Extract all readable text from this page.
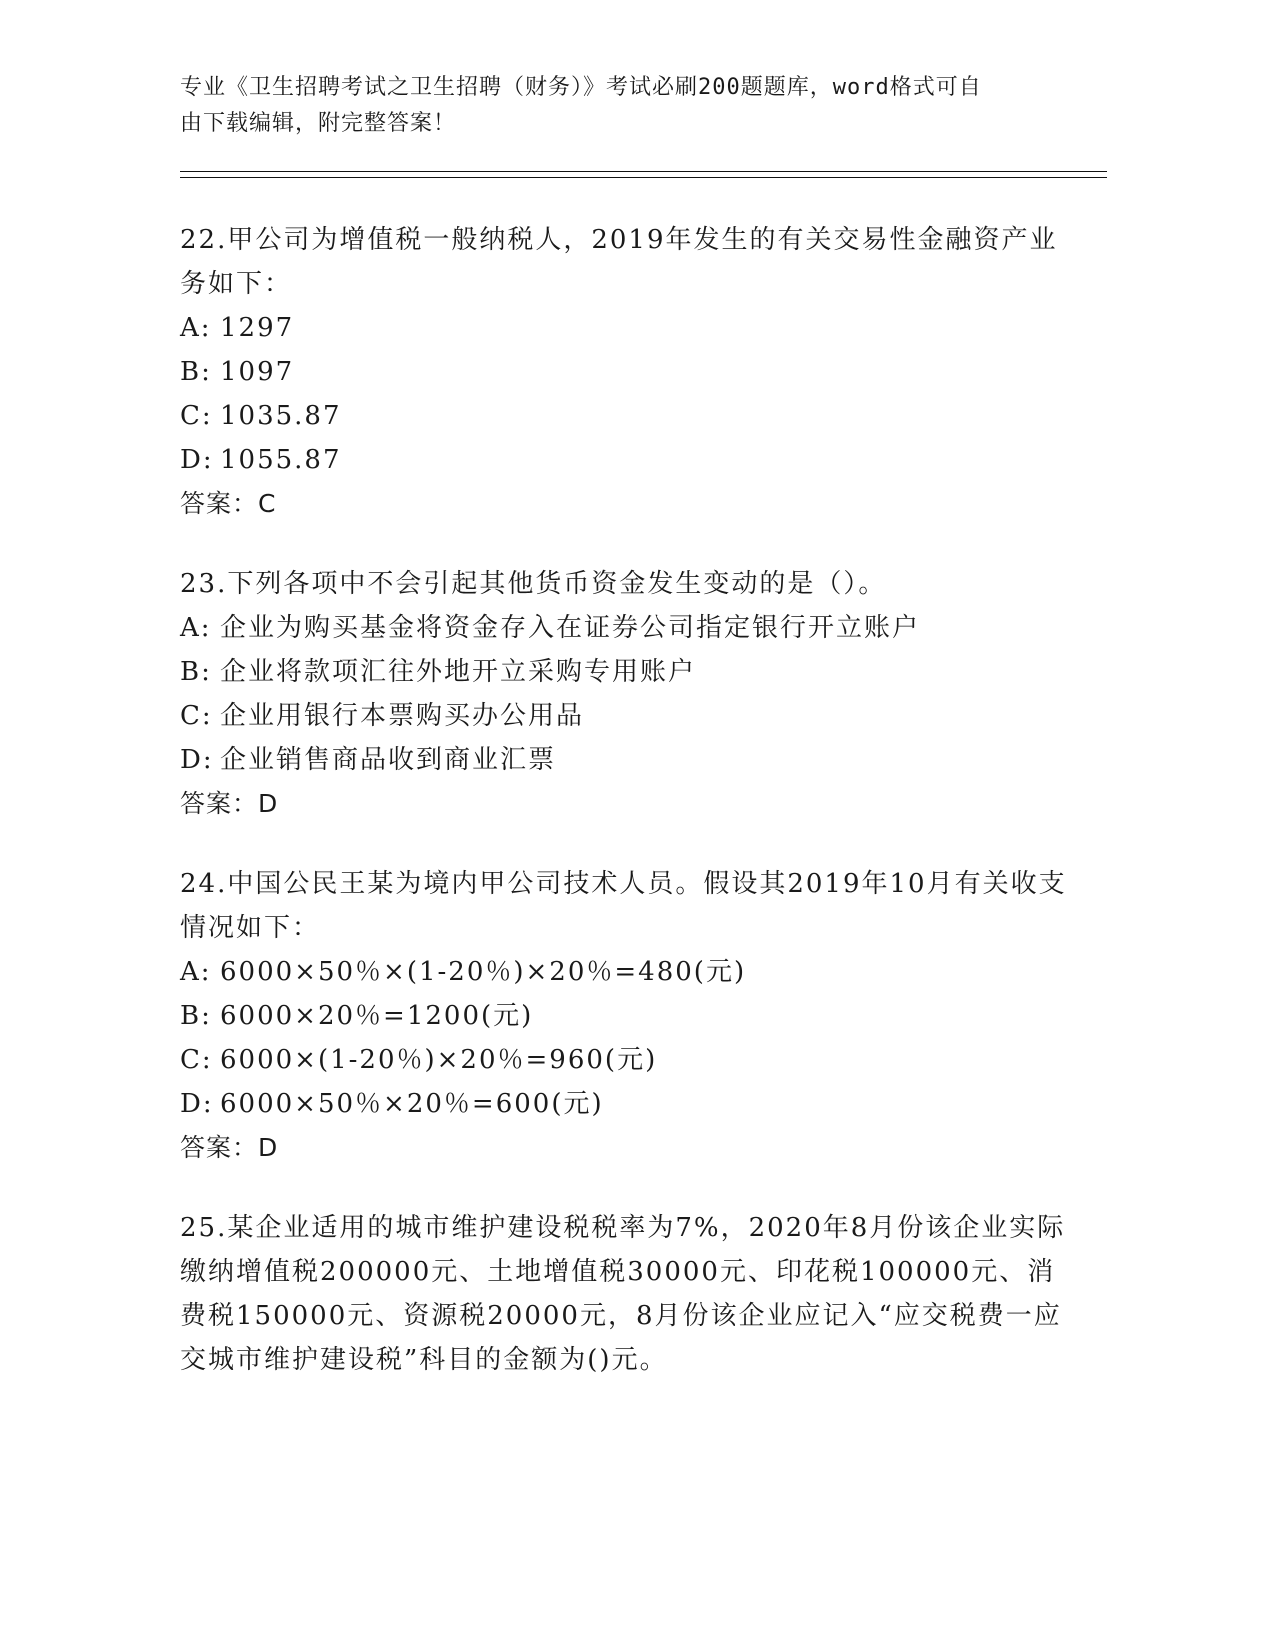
专业《卫生招聘考试之卫生招聘（财务）》考试必刷200题题库，word格式可自
由下载编辑，附完整答案！

22.甲公司为增值税一般纳税人，2019年发生的有关交易性金融资产业务如下：

A: 1297

B: 1097

C: 1035.87

D: 1055.87

答案：C

23.下列各项中不会引起其他货币资金发生变动的是（）。

A: 企业为购买基金将资金存入在证券公司指定银行开立账户

B: 企业将款项汇往外地开立采购专用账户

C: 企业用银行本票购买办公用品

D: 企业销售商品收到商业汇票

答案：D

24.中国公民王某为境内甲公司技术人员。假设其2019年10月有关收支情况如下：

A: 6000×50％×(1-20％)×20％=480(元)

B: 6000×20％=1200(元)

C: 6000×(1-20％)×20％=960(元)

D: 6000×50％×20％=600(元)

答案：D

25.某企业适用的城市维护建设税税率为7%，2020年8月份该企业实际缴纳增值税200000元、土地增值税30000元、印花税100000元、消费税150000元、资源税20000元，8月份该企业应记入“应交税费一应交城市维护建设税”科目的金额为()元。
